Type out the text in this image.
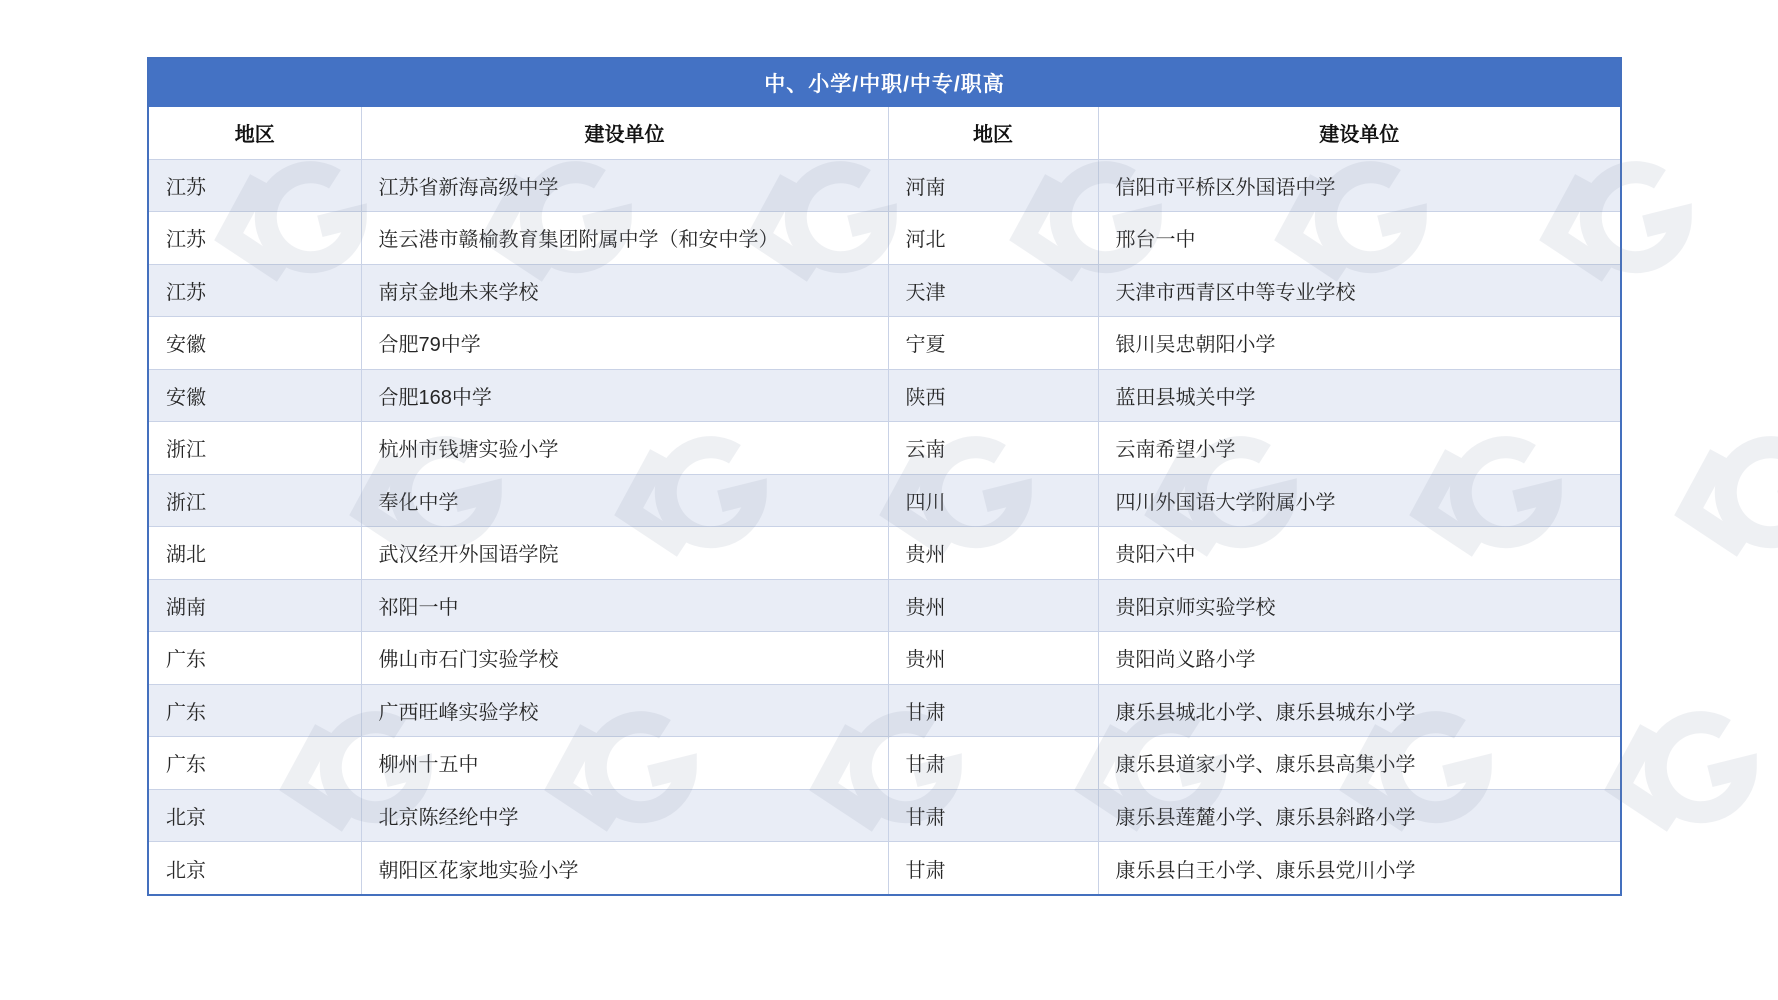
中、小学/中职/中专/职高
地区	建设单位	地区	建设单位
江苏	江苏省新海高级中学	河南	信阳市平桥区外国语中学
江苏	连云港市赣榆教育集团附属中学（和安中学）	河北	邢台一中
江苏	南京金地未来学校	天津	天津市西青区中等专业学校
安徽	合肥79中学	宁夏	银川吴忠朝阳小学
安徽	合肥168中学	陕西	蓝田县城关中学
浙江	杭州市钱塘实验小学	云南	云南希望小学
浙江	奉化中学	四川	四川外国语大学附属小学
湖北	武汉经开外国语学院	贵州	贵阳六中
湖南	祁阳一中	贵州	贵阳京师实验学校
广东	佛山市石门实验学校	贵州	贵阳尚义路小学
广东	广西旺峰实验学校	甘肃	康乐县城北小学、康乐县城东小学
广东	柳州十五中	甘肃	康乐县道家小学、康乐县高集小学
北京	北京陈经纶中学	甘肃	康乐县莲麓小学、康乐县斜路小学
北京	朝阳区花家地实验小学	甘肃	康乐县白王小学、康乐县党川小学
